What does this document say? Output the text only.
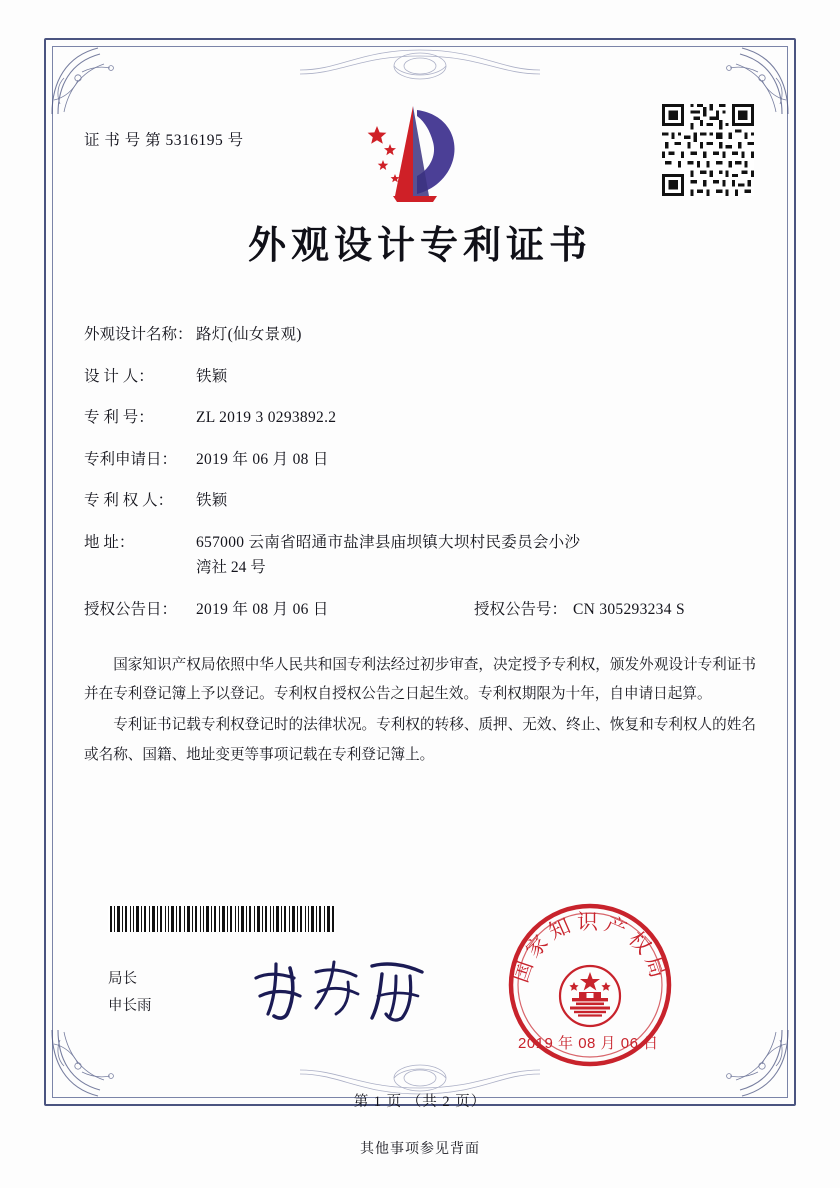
证 书 号 第 5316195 号
外观设计专利证书
外观设计名称： 路灯(仙女景观)
设 计 人：	铁颖
专 利 号：	ZL 2019 3 0293892.2
专利申请日：	2019 年 06 月 08 日
专 利 权 人：	铁颖
地 址：	657000 云南省昭通市盐津县庙坝镇大坝村民委员会小沙
湾社 24 号
授权公告日：	2019 年 08 月 06 日	授权公告号： CN 305293234 S

国家知识产权局依照中华人民共和国专利法经过初步审查，决定授予专利权，颁发外观设计专利证书并在专利登记簿上予以登记。专利权自授权公告之日起生效。专利权期限为十年，自申请日起算。

专利证书记载专利权登记时的法律状况。专利权的转移、质押、无效、终止、恢复和专利权人的姓名或名称、国籍、地址变更等事项记载在专利登记簿上。

局长
申长雨
国家知识产权局
2019 年 08 月 06 日
第 1 页 （共 2 页）
其他事项参见背面
